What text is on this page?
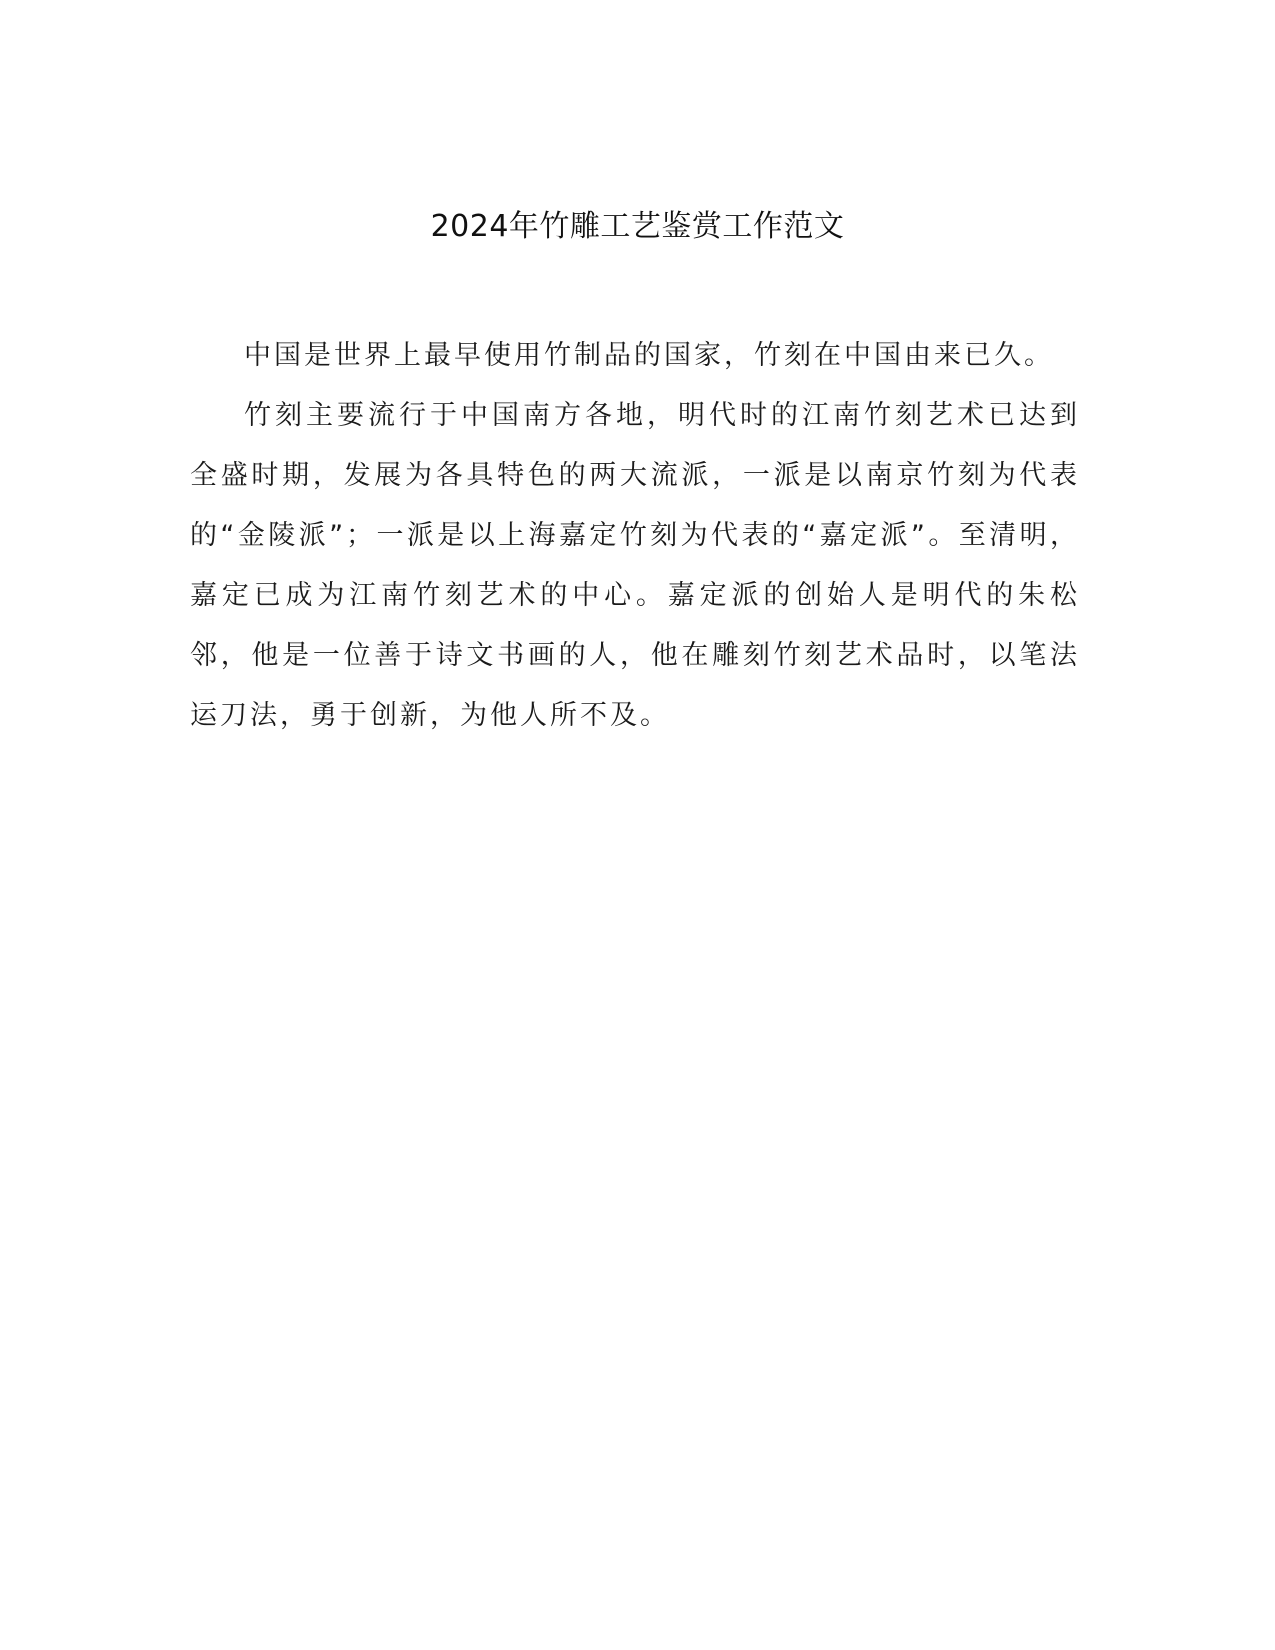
2024年竹雕工艺鉴赏工作范文

中国是世界上最早使用竹制品的国家，竹刻在中国由来已久。

竹刻主要流行于中国南方各地，明代时的江南竹刻艺术已达到全盛时期，发展为各具特色的两大流派，一派是以南京竹刻为代表的“金陵派”；一派是以上海嘉定竹刻为代表的“嘉定派”。至清明，嘉定已成为江南竹刻艺术的中心。嘉定派的创始人是明代的朱松邻，他是一位善于诗文书画的人，他在雕刻竹刻艺术品时，以笔法运刀法，勇于创新，为他人所不及。
